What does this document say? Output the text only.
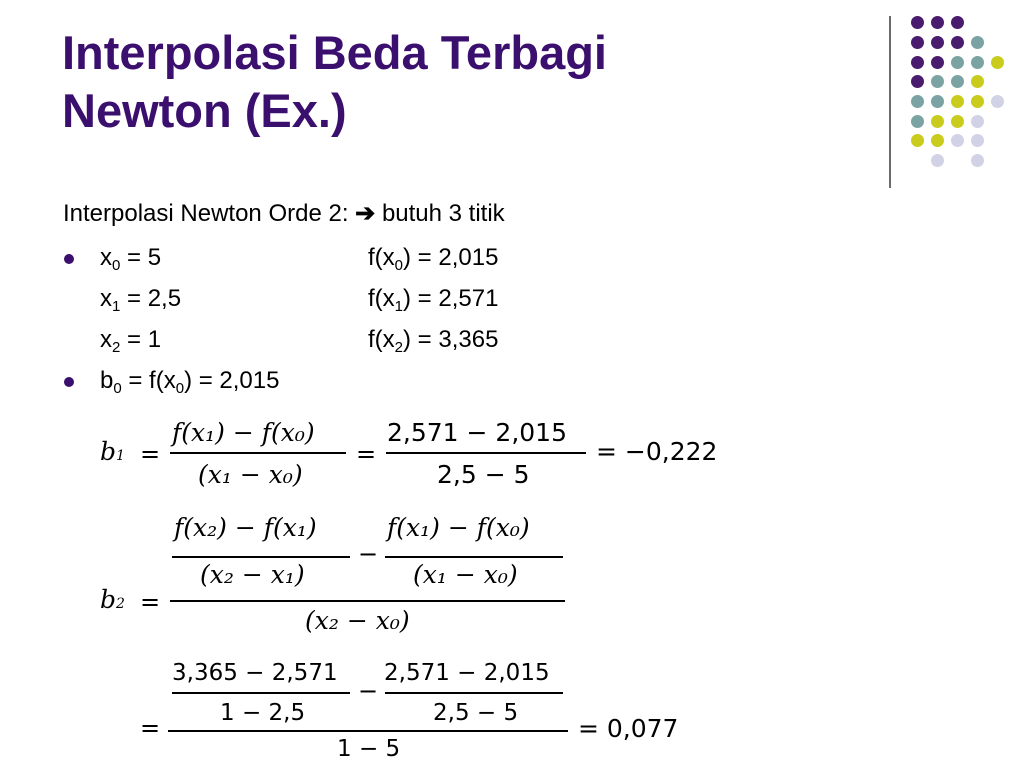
Interpolasi Beda Terbagi
Newton (Ex.)
Interpolasi Newton Orde 2: ➔ butuh 3 titik
$x_0 = 5$	$f(x_0) = 2,015$
$x_1 = 2,5$	$f(x_1) = 2,571$
$x_2 = 1$	$f(x_2) = 3,365$
$b_0 = f(x_0) = 2,015$
b1 =
f(x₁) − f(x₀)
(x₁ − x₀)
=
2,571 − 2,015
2,5 − 5
= −0,222
b2 =
f(x₂) − f(x₁)
(x₂ − x₁)
−
f(x₁) − f(x₀)
(x₁ − x₀)
(x₂ − x₀)
3,365 − 2,571
1 − 2,5
−
2,571 − 2,015
2,5 − 5
=
1 − 5
= 0,077
